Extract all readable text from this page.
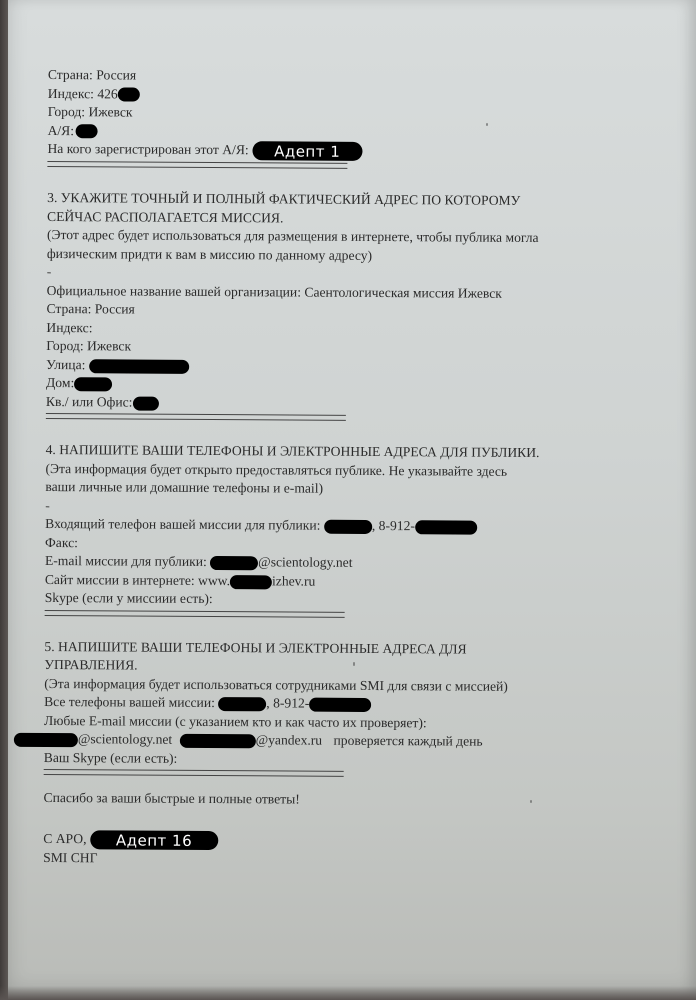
Страна: Россия
Индекс: 426
Город: Ижевск
А/Я:
На кого зарегистрирован этот А/Я: Адепт 1
3. УКАЖИТЕ ТОЧНЫЙ И ПОЛНЫЙ ФАКТИЧЕСКИЙ АДРЕС ПО КОТОРОМУ
СЕЙЧАС РАСПОЛАГАЕТСЯ МИССИЯ.
(Этот адрес будет использоваться для размещения в интернете, чтобы публика могла
физическим придти к вам в миссию по данному адресу)
-
Официальное название вашей организации: Саентологическая миссия Ижевск
Страна: Россия
Индекс:
Город: Ижевск
Улица:
Дом:
Кв./ или Офис:
4. НАПИШИТЕ ВАШИ ТЕЛЕФОНЫ И ЭЛЕКТРОННЫЕ АДРЕСА ДЛЯ ПУБЛИКИ.
(Эта информация будет открыто предоставляться публике. Не указывайте здесь
ваши личные или домашние телефоны и e-mail)
-
Входящий телефон вашей миссии для публики:	, 8-912-
Факс:
E-mail миссии для публики:	@scientology.net
Сайт миссии в интернете: www.	izhev.ru
Skype (если у миссиии есть):
5. НАПИШИТЕ ВАШИ ТЕЛЕФОНЫ И ЭЛЕКТРОННЫЕ АДРЕСА ДЛЯ
УПРАВЛЕНИЯ.
(Эта информация будет использоваться сотрудниками SMI для связи с миссией)
Все телефоны вашей миссии:	, 8-912-
Любые E-mail миссии (с указанием кто и как часто их проверяет):
@scientology.net	@yandex.ru проверяется каждый день
Ваш Skype (если есть):
Спасибо за ваши быстрые и полные ответы!
С АРО, Адепт 16
SMI СНГ
